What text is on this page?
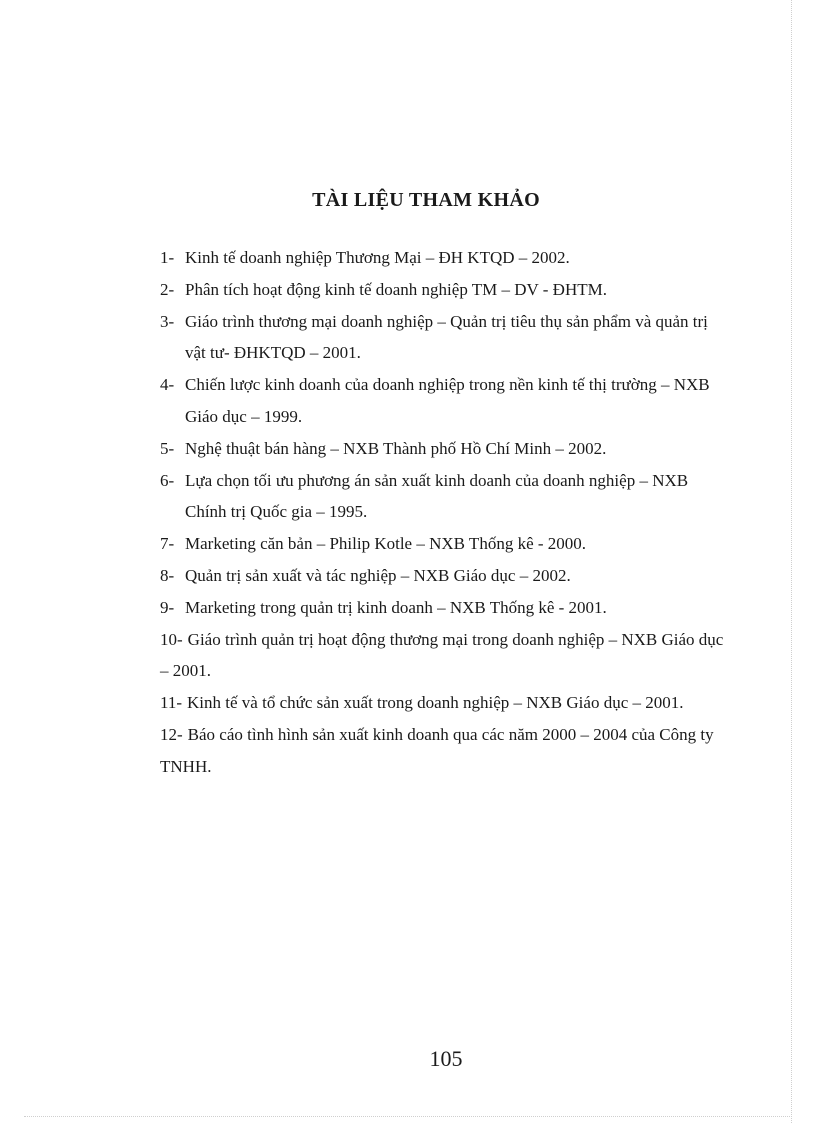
TÀI LIỆU THAM KHẢO
1- Kinh tế doanh nghiệp Thương Mại – ĐH KTQD – 2002.
2- Phân tích hoạt động kinh tế doanh nghiệp TM – DV - ĐHTM.
3- Giáo trình thương mại doanh nghiệp – Quản trị tiêu thụ sản phẩm và quản trị vật tư- ĐHKTQD – 2001.
4- Chiến lược kinh doanh của doanh nghiệp trong nền kinh tế thị trường – NXB Giáo dục – 1999.
5- Nghệ thuật bán hàng – NXB Thành phố Hồ Chí Minh – 2002.
6- Lựa chọn tối ưu phương án sản xuất kinh doanh của doanh nghiệp – NXB Chính trị Quốc gia – 1995.
7- Marketing căn bản – Philip Kotle – NXB Thống kê - 2000.
8- Quản trị sản xuất và tác nghiệp – NXB Giáo dục – 2002.
9- Marketing trong quản trị kinh doanh – NXB Thống kê - 2001.
10- Giáo trình quản trị hoạt động thương mại trong doanh nghiệp – NXB Giáo dục – 2001.
11- Kinh tế và tổ chức sản xuất trong doanh nghiệp – NXB Giáo dục – 2001.
12- Báo cáo tình hình sản xuất kinh doanh qua các năm 2000 – 2004 của Công ty TNHH.
105
